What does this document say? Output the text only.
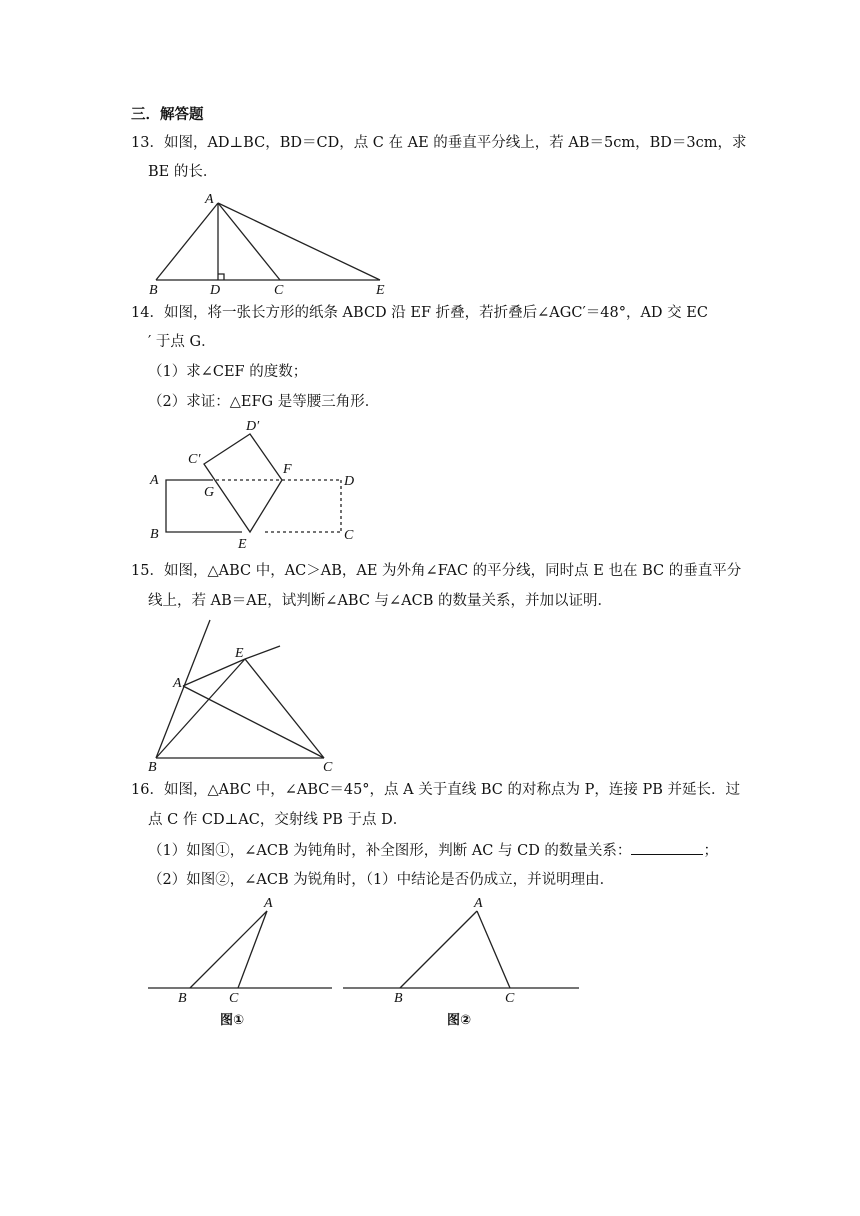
三．解答题
13．如图，AD⊥BC，BD＝CD，点 C 在 AE 的垂直平分线上，若 AB＝5cm，BD＝3cm，求
BE 的长．
14．如图，将一张长方形的纸条 ABCD 沿 EF 折叠，若折叠后∠AGC′＝48°，AD 交 EC
′ 于点 G．
（1）求∠CEF 的度数；
（2）求证：△EFG 是等腰三角形．
15．如图，△ABC 中，AC＞AB，AE 为外角∠FAC 的平分线，同时点 E 也在 BC 的垂直平分
线上，若 AB＝AE，试判断∠ABC 与∠ACB 的数量关系，并加以证明．
16．如图，△ABC 中，∠ABC＝45°，点 A 关于直线 BC 的对称点为 P，连接 PB 并延长．过
点 C 作 CD⊥AC，交射线 PB 于点 D．
（1）如图①，∠ACB 为钝角时，补全图形，判断 AC 与 CD 的数量关系：	；
（2）如图②，∠ACB 为锐角时，（1）中结论是否仍成立，并说明理由．
A
B	D	C	E
D′
C′
F
A
G
D
B
E
C
E
A
B	C
A
B	C
图①
A
B	C
图②
